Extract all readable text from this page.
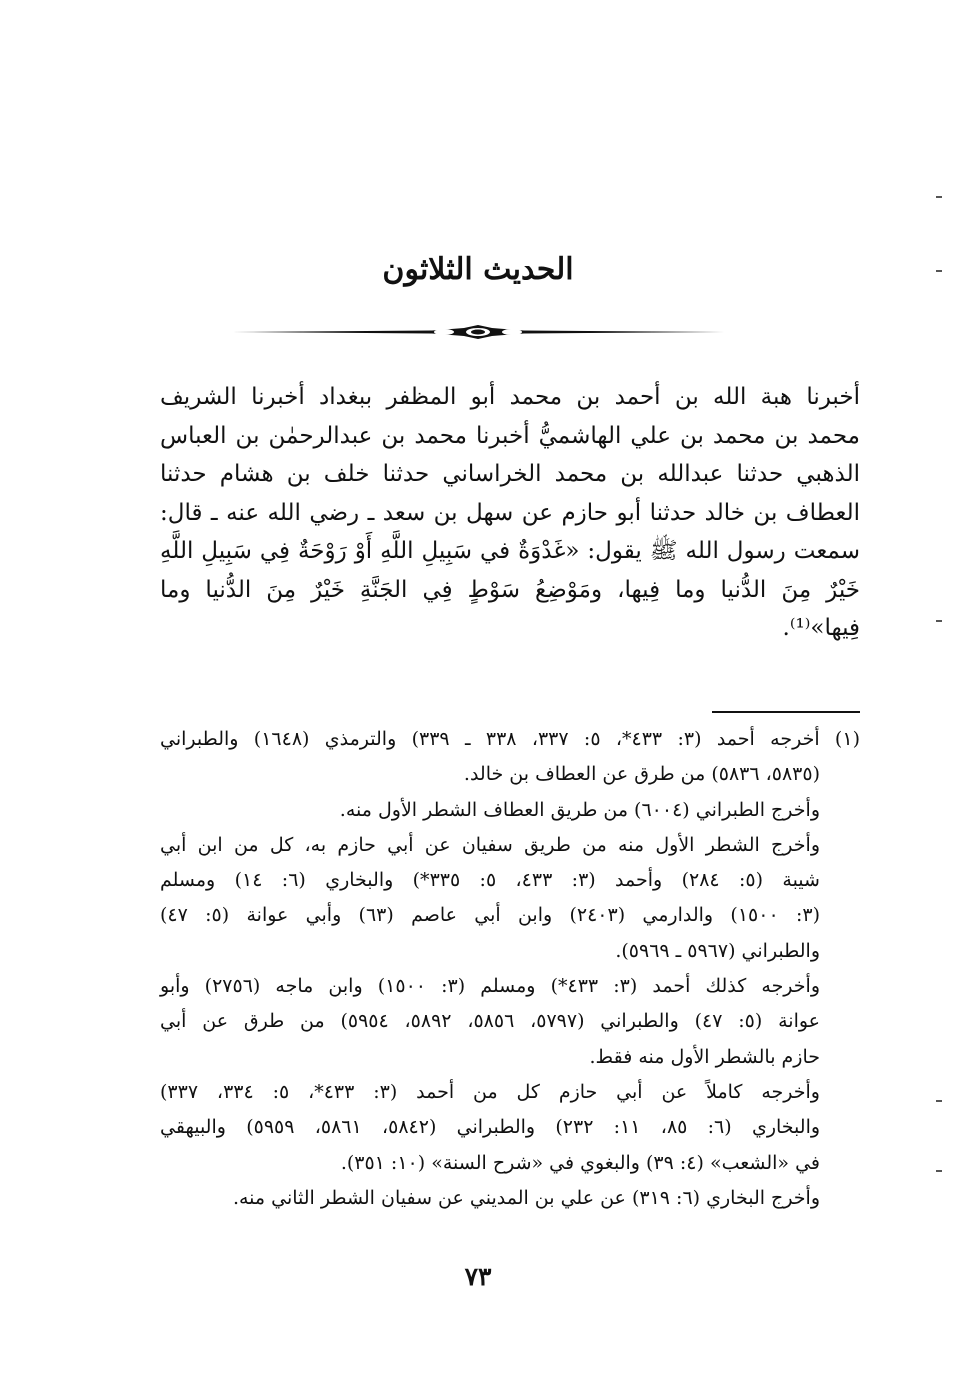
الحديث الثلاثون
أخبرنا هبة الله بن أحمد بن محمد أبو المظفر ببغداد أخبرنا الشريف
محمد بن محمد بن علي الهاشميُّ أخبرنا محمد بن عبدالرحمٰن بن العباس
الذهبي حدثنا عبدالله بن محمد الخراساني حدثنا خلف بن هشام حدثنا
العطاف بن خالد حدثنا أبو حازم عن سهل بن سعد ـ رضي الله عنه ـ قال:
سمعت رسول الله ﷺ يقول: «غَدْوَةٌ في سَبِيلِ اللَّهِ أَوْ رَوْحَةٌ فِي سَبِيلِ اللَّهِ
خَيْرٌ مِنَ الدُّنيا وما فِيها، ومَوْضِعُ سَوْطٍ فِي الجَنَّةِ خَيْرٌ مِنَ الدُّنيا وما
فِيها»⁽¹⁾.
(١) أخرجه أحمد (٣: ٤٣٣*، ٥: ٣٣٧، ٣٣٨ ـ ٣٣٩) والترمذي (١٦٤٨) والطبراني
(٥٨٣٥، ٥٨٣٦) من طرق عن العطاف بن خالد.
وأخرج الطبراني (٦٠٠٤) من طريق العطاف الشطر الأول منه.
وأخرج الشطر الأول منه من طريق سفيان عن أبي حازم به، كل من ابن أبي
شيبة (٥: ٢٨٤) وأحمد (٣: ٤٣٣، ٥: ٣٣٥*) والبخاري (٦: ١٤) ومسلم
(٣: ١٥٠٠) والدارمي (٢٤٠٣) وابن أبي عاصم (٦٣) وأبي عوانة (٥: ٤٧)
والطبراني (٥٩٦٧ ـ ٥٩٦٩).
وأخرجه كذلك أحمد (٣: ٤٣٣*) ومسلم (٣: ١٥٠٠) وابن ماجه (٢٧٥٦) وأبو
عوانة (٥: ٤٧) والطبراني (٥٧٩٧، ٥٨٥٦، ٥٨٩٢، ٥٩٥٤) من طرق عن أبي
حازم بالشطر الأول منه فقط.
وأخرجه كاملاً عن أبي حازم كل من أحمد (٣: ٤٣٣*، ٥: ٣٣٤، ٣٣٧)
والبخاري (٦: ٨٥، ١١: ٢٣٢) والطبراني (٥٨٤٢، ٥٨٦١، ٥٩٥٩) والبيهقي
في «الشعب» (٤: ٣٩) والبغوي في «شرح السنة» (١٠: ٣٥١).
وأخرج البخاري (٦: ٣١٩) عن علي بن المديني عن سفيان الشطر الثاني منه.
٧٣
